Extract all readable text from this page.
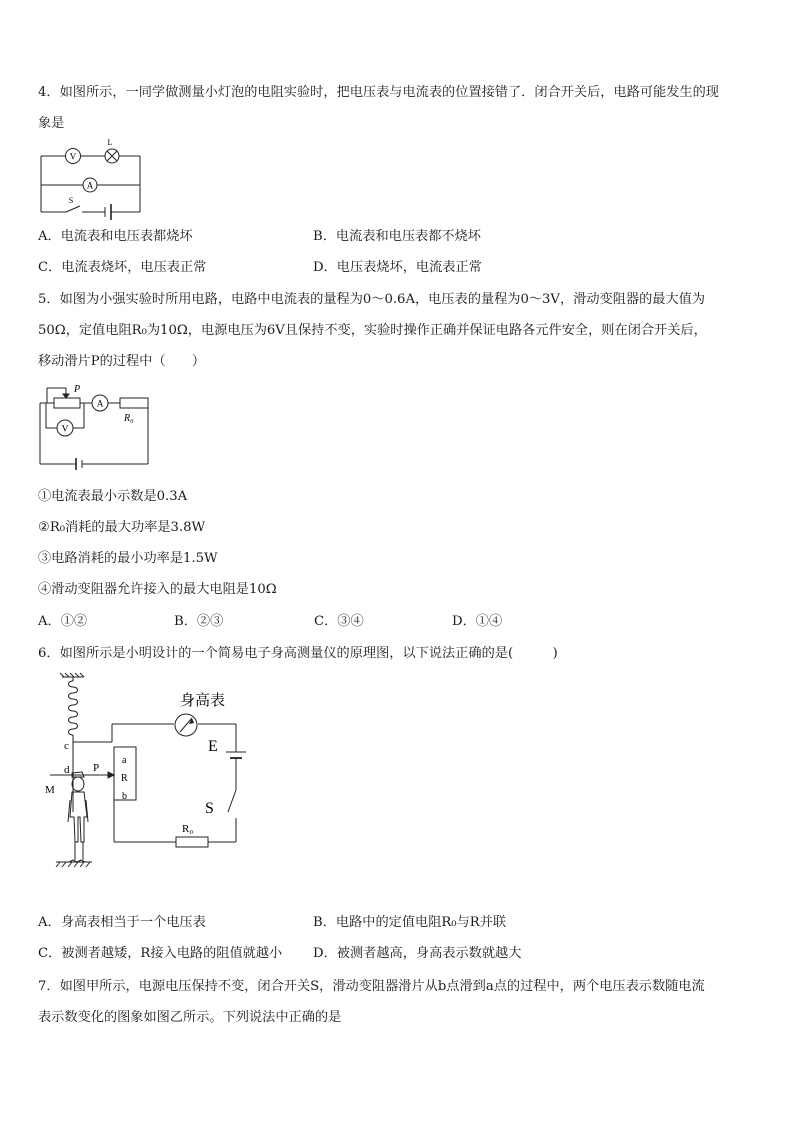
4．如图所示，一同学做测量小灯泡的电阻实验时，把电压表与电流表的位置接错了．闭合开关后，电路可能发生的现
象是
V
L
A
S
A．电流表和电压表都烧坏	B．电流表和电压表都不烧坏
C．电流表烧坏，电压表正常	D．电压表烧坏，电流表正常
5．如图为小强实验时所用电路，电路中电流表的量程为0～0.6A，电压表的量程为0～3V，滑动变阻器的最大值为
50Ω，定值电阻R₀为10Ω，电源电压为6V且保持不变，实验时操作正确并保证电路各元件安全，则在闭合开关后，
移动滑片P的过程中（　　）
P
A
R₀
V
①电流表最小示数是0.3A
②R₀消耗的最大功率是3.8W
③电路消耗的最小功率是1.5W
④滑动变阻器允许接入的最大电阻是10Ω
A．①②	B．②③	C．③④	D．①④
6．如图所示是小明设计的一个简易电子身高测量仪的原理图，以下说法正确的是(　　　)
身高表
E
S
R₀
c
d
M
P
a
R
b
A．身高表相当于一个电压表	B．电路中的定值电阻R₀与R并联
C．被测者越矮，R接入电路的阻值就越小 D．被测者越高，身高表示数就越大
7．如图甲所示，电源电压保持不变，闭合开关S，滑动变阻器滑片从b点滑到a点的过程中，两个电压表示数随电流
表示数变化的图象如图乙所示。下列说法中正确的是
